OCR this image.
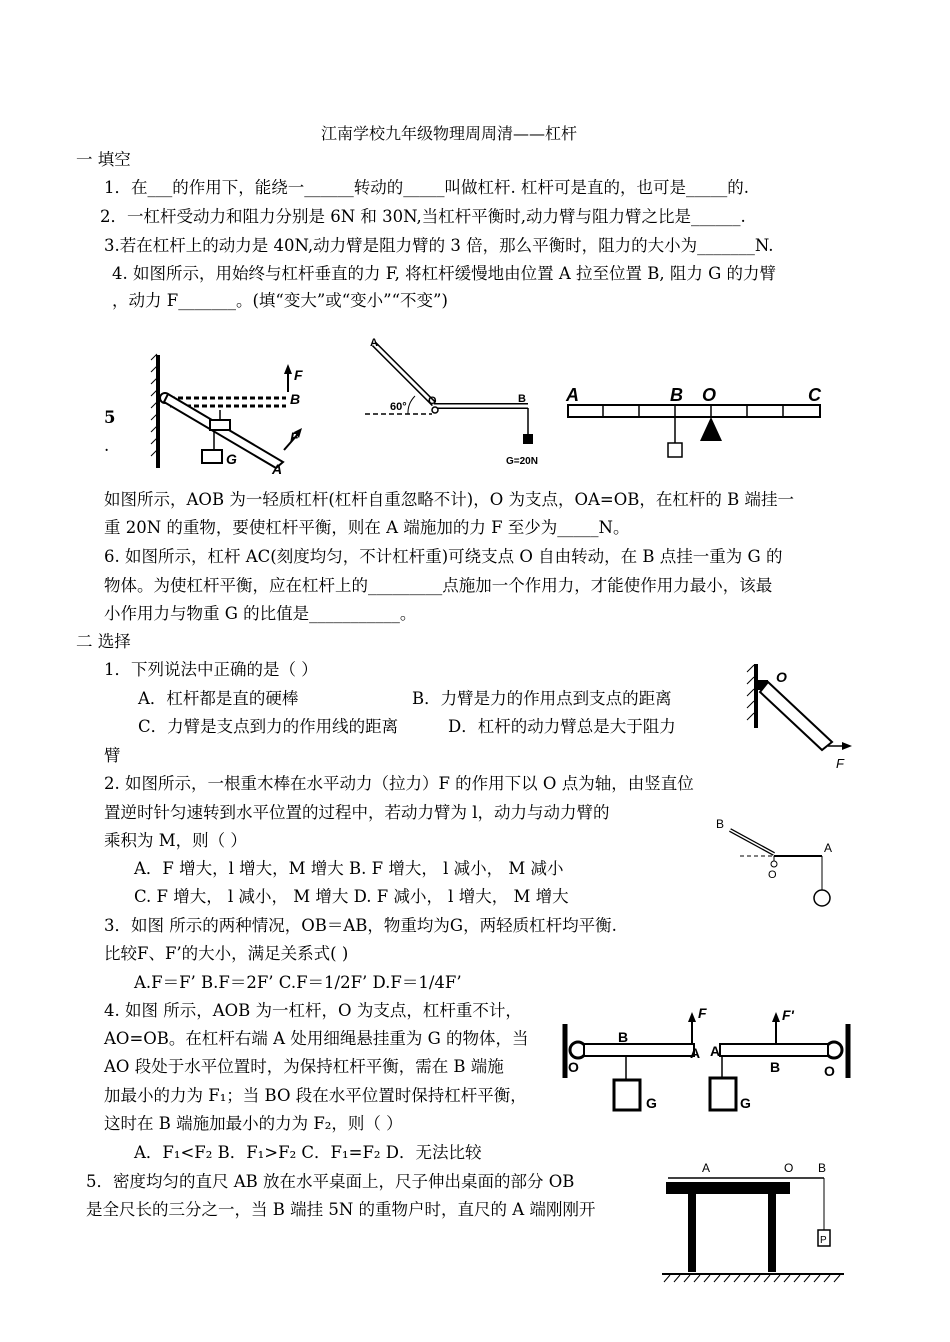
江南学校九年级物理周周清——杠杆
一 填空
1．在___的作用下，能绕一______转动的_____叫做杠杆. 杠杆可是直的，也可是_____的.
2．一杠杆受动力和阻力分别是 6N 和 30N,当杠杆平衡时,动力臂与阻力臂之比是______.
3.若在杠杆上的动力是 40N,动力臂是阻力臂的 3 倍，那么平衡时，阻力的大小为_______N.
4. 如图所示，用始终与杠杆垂直的力 F, 将杠杆缓慢地由位置 A 拉至位置 B, 阻力 G 的力臂
，动力 F_______。(填“变大”或“变小”“不变”)
5
.
F
B
G
F
A
A
60° O	B
G=20N
A	B O	C
如图所示，AOB 为一轻质杠杆(杠杆自重忽略不计)，O 为支点，OA=OB，在杠杆的 B 端挂一
重 20N 的重物，要使杠杆平衡，则在 A 端施加的力 F 至少为_____N。
6. 如图所示，杠杆 AC(刻度均匀，不计杠杆重)可绕支点 O 自由转动，在 B 点挂一重为 G 的
物体。为使杠杆平衡，应在杠杆上的_________点施加一个作用力，才能使作用力最小，该最
小作用力与物重 G 的比值是___________。
二 选择
1．下列说法中正确的是（ ）
A．杠杆都是直的硬棒	B．力臂是力的作用点到支点的距离
C．力臂是支点到力的作用线的距离	D．杠杆的动力臂总是大于阻力
臂
O
F
2. 如图所示，一根重木棒在水平动力（拉力）F 的作用下以 O 点为轴，由竖直位
置逆时针匀速转到水平位置的过程中，若动力臂为 l，动力与动力臂的
乘积为 M，则（ ）
A．F 增大，l 增大，M 增大 B. F 增大， l 减小， M 减小
C. F 增大， l 减小， M 增大 D. F 减小， l 增大， M 增大
B
A
O
3．如图 所示的两种情况，OB＝AB，物重均为G，两轻质杠杆均平衡.
比较F、F’的大小，满足关系式( )
A.F＝F’ B.F＝2F’ C.F＝1/2F’ D.F＝1/4F’
4. 如图 所示，AOB 为一杠杆，O 为支点，杠杆重不计，
AO=OB。在杠杆右端 A 处用细绳悬挂重为 G 的物体，当
AO 段处于水平位置时，为保持杠杆平衡，需在 B 端施
加最小的力为 F₁；当 BO 段在水平位置时保持杠杆平衡，
这时在 B 端施加最小的力为 F₂，则（ ）
A．F₁<F₂ B．F₁>F₂ C．F₁=F₂ D．无法比较
B
O
A
G
F
A
B	O
G
F'
5．密度均匀的直尺 AB 放在水平桌面上，尺子伸出桌面的部分 OB
是全尺长的三分之一，当 B 端挂 5N 的重物户时，直尺的 A 端刚刚开
A	O B
P
